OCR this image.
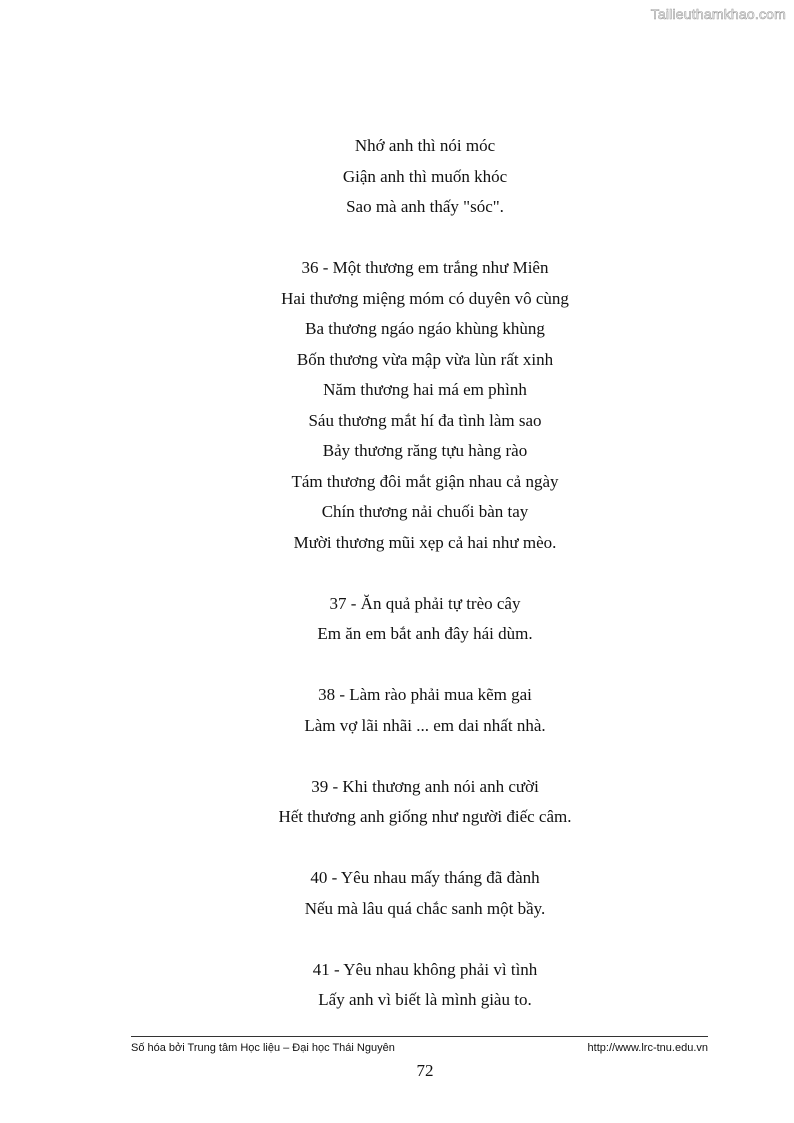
Tailieuthamkhao.com
Nhớ anh thì nói móc
Giận anh thì muốn khóc
Sao mà anh thấy "sóc".
36 - Một thương em trắng như Miên
Hai thương miệng móm có duyên vô cùng
Ba thương ngáo ngáo khùng khùng
Bốn thương vừa mập vừa lùn rất xinh
Năm thương hai má em phình
Sáu thương mắt hí đa tình làm sao
Bảy thương răng tựu hàng rào
Tám thương đôi mắt giận nhau cả ngày
Chín thương nải chuối bàn tay
Mười thương mũi xẹp cả hai như mèo.
37 - Ăn quả phải tự trèo cây
Em ăn em bắt anh đây hái dùm.
38 - Làm rào phải mua kẽm gai
Làm vợ lãi nhãi ... em dai nhất nhà.
39 - Khi thương anh nói anh cười
Hết thương anh giống như người điếc câm.
40 - Yêu nhau mấy tháng đã đành
Nếu mà lâu quá chắc sanh một bầy.
41 - Yêu nhau không phải vì tình
Lấy anh vì biết là mình giàu to.
Số hóa bởi Trung tâm Học liệu – Đại học Thái Nguyên	http://www.lrc-tnu.edu.vn
72
